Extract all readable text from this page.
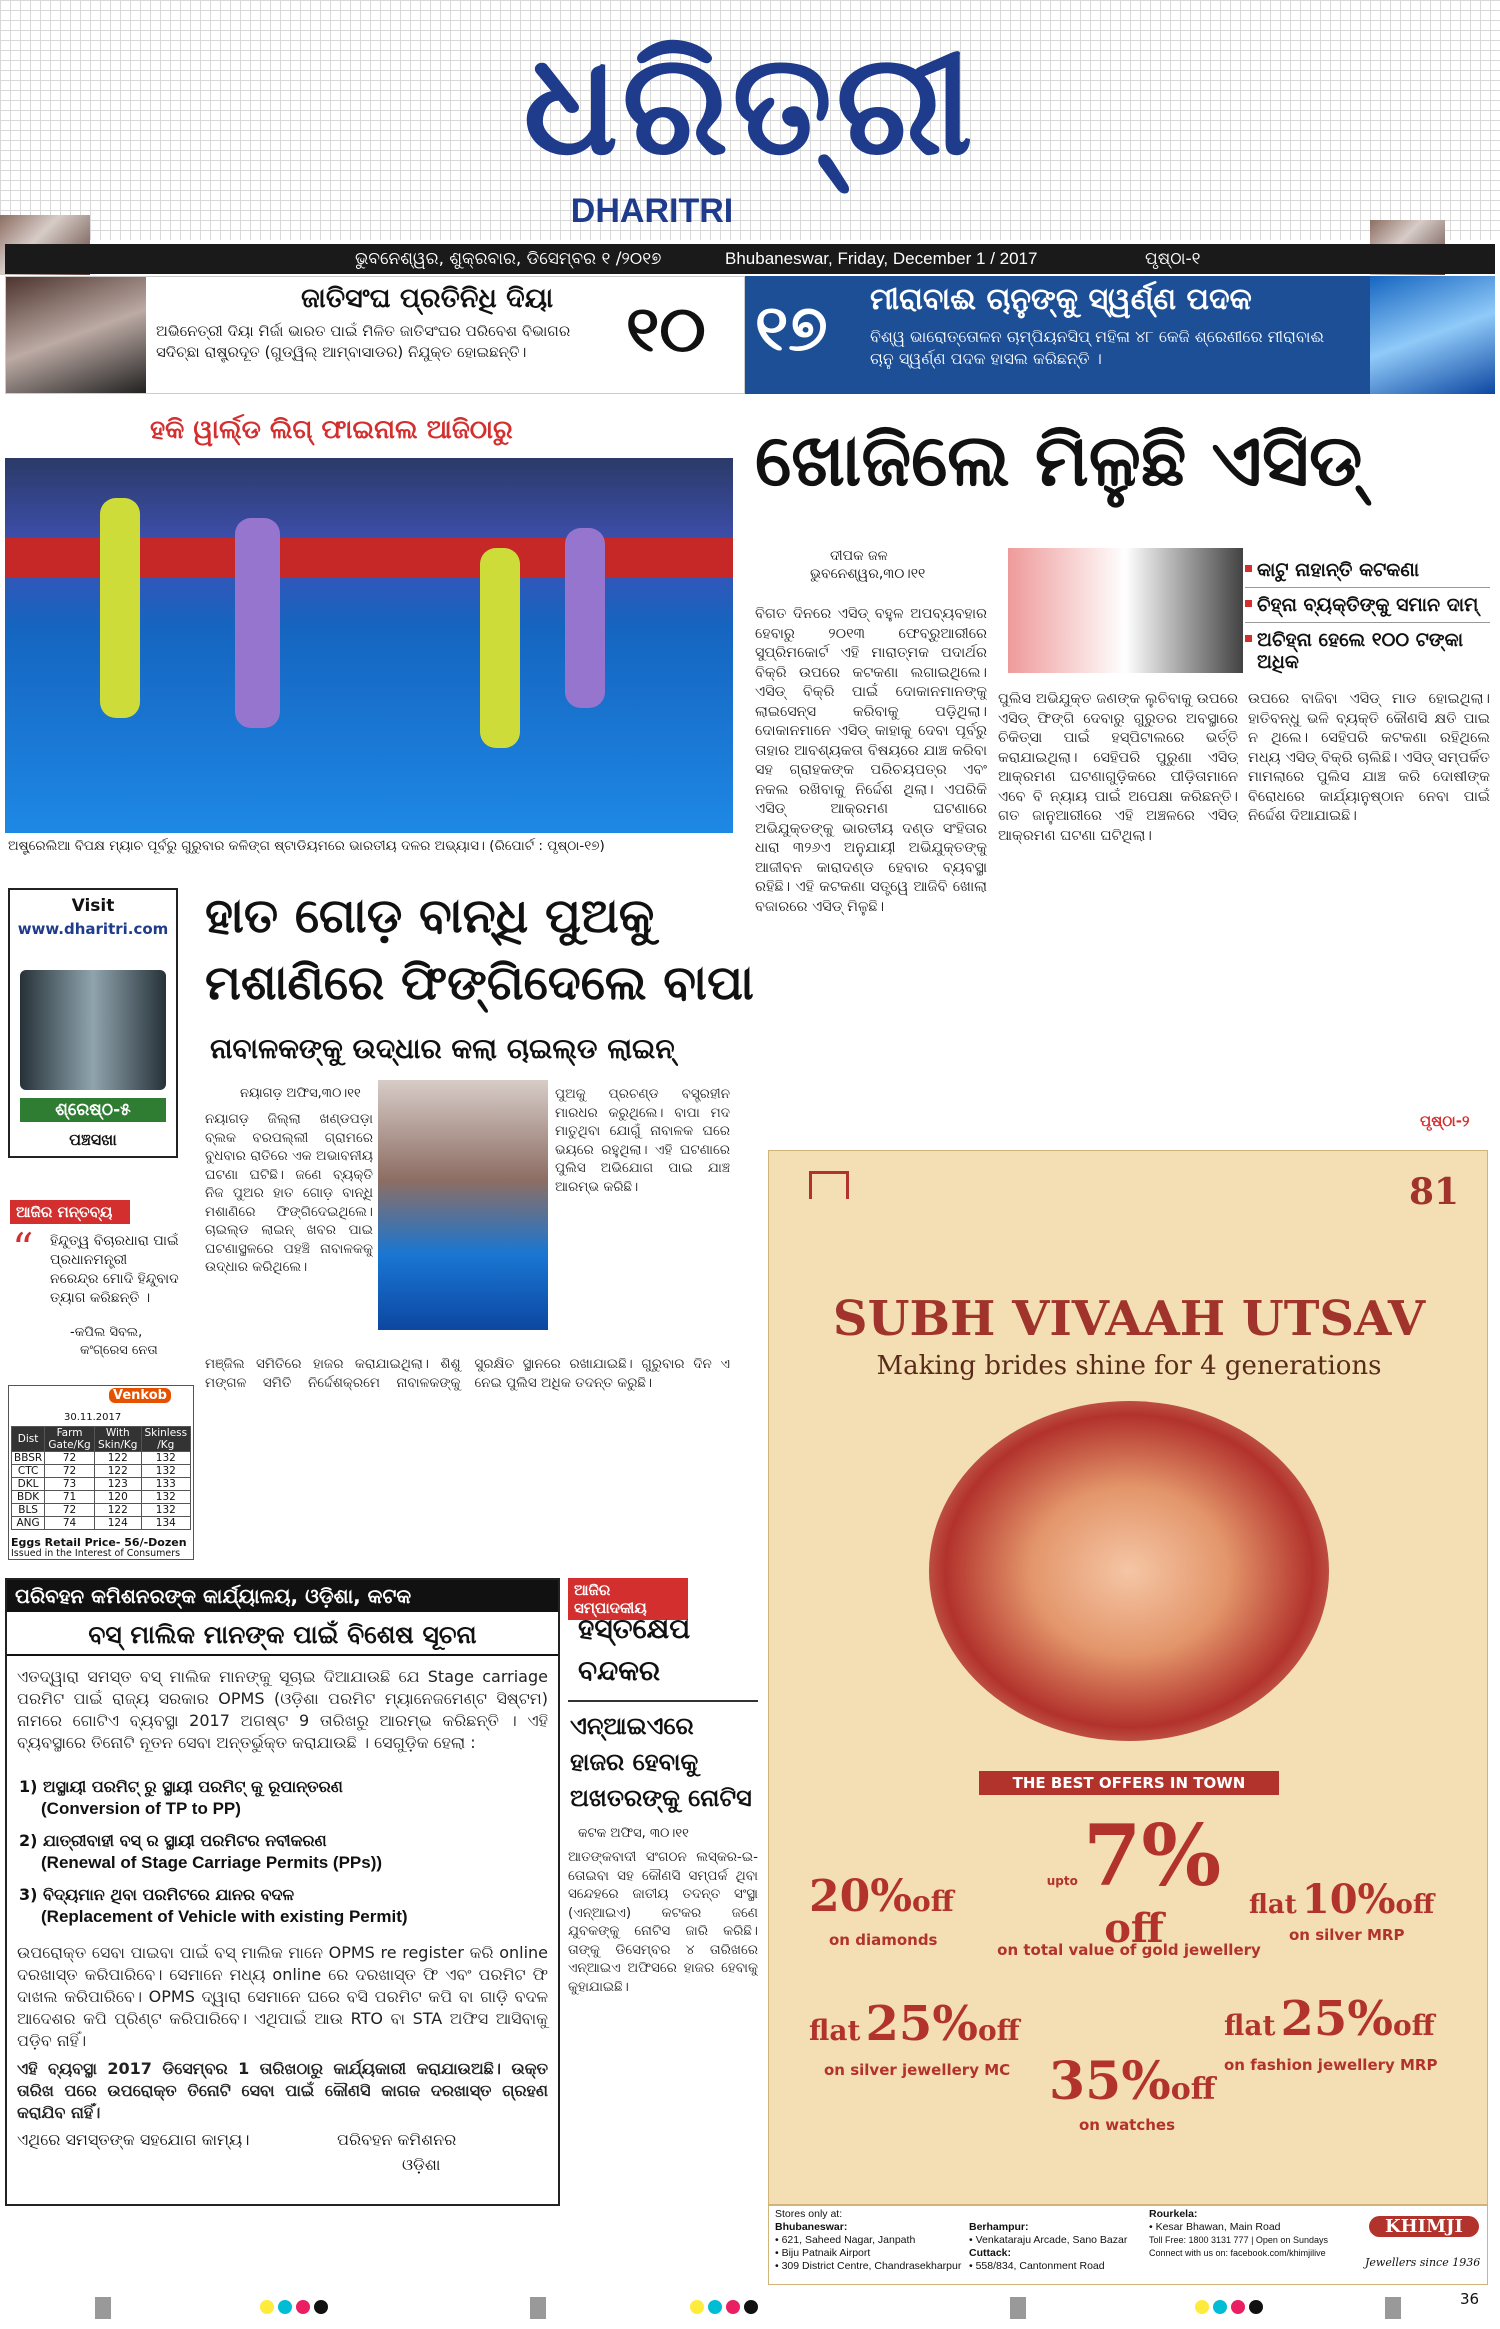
ଧରିତ୍ରୀ
DHARITRI
ଭୁବନେଶ୍ୱର, ଶୁକ୍ରବାର, ଡିସେମ୍ବର ୧ /୨୦୧୭	Bhubaneswar, Friday, December 1 / 2017	ପୃଷ୍ଠା-୧
ଜାତିସଂଘ ପ୍ରତିନିଧି ଦିୟା
ଅଭିନେତ୍ରୀ ଦିୟା ମିର୍ଜା ଭାରତ ପାଇଁ ମିଳିତ ଜାତିସଂଘର ପରିବେଶ ବିଭାଗର ସଦିଚ୍ଛା ରାଷ୍ଟ୍ରଦୂତ (ଗୁଡ୍‌ୱିଲ୍ ଆମ୍ବାସାଡର) ନିଯୁକ୍ତ ହୋଇଛନ୍ତି।	୧୦ ୧୭ ମୀରାବାଈ ଚାନୁଙ୍କୁ ସ୍ୱର୍ଣ୍ଣ ପଦକ
ବିଶ୍ୱ ଭାରୋତ୍ତୋଳନ ଚାମ୍ପିୟନସିପ୍ ମହିଳା ୪୮ କେଜି ଶ୍ରେଣୀରେ ମୀରାବାଈ ଚାନୁ ସ୍ୱର୍ଣ୍ଣ ପଦକ ହାସଲ କରିଛନ୍ତି ।
ହକି ୱାର୍ଲ୍ଡ ଲିଗ୍ ଫାଇନାଲ ଆଜିଠାରୁ
ଅଷ୍ଟ୍ରେଲିଆ ବିପକ୍ଷ ମ୍ୟାଚ ପୂର୍ବରୁ ଗୁରୁବାର କଳିଙ୍ଗ ଷ୍ଟାଡିୟମରେ ଭାରତୀୟ ଦଳର ଅଭ୍ୟାସ। (ରିପୋର୍ଟ : ପୃଷ୍ଠା-୧୭)
ଖୋଜିଲେ ମିଳୁଛି ଏସିଡ୍
ଦୀପକ ଜଳ
ଭୁବନେଶ୍ୱର,୩୦।୧୧	କାଟୁ ନାହାନ୍ତି କଟକଣା
ଚିହ୍ନା ବ୍ୟକ୍ତିଙ୍କୁ ସମାନ ଦାମ୍
ଅଚିହ୍ନା ହେଲେ ୧୦୦ ଟଙ୍କା ଅଧିକ
ବିଗତ ଦିନରେ ଏସିଡ୍ ବହୁଳ ଅପବ୍ୟବହାର ହେବାରୁ ୨୦୧୩ ଫେବ୍ରୁଆରୀରେ ସୁପ୍ରିମକୋର୍ଟ ଏହି ମାରାତ୍ମକ ପଦାର୍ଥର ବିକ୍ରି ଉପରେ କଟକଣା ଲଗାଇଥିଲେ। ଏସିଡ୍ ବିକ୍ରି ପାଇଁ ଦୋକାନମାନଙ୍କୁ ଲାଇସେନ୍ସ କରିବାକୁ ପଡ଼ିଥିଲା। ଦୋକାନମାନେ ଏସିଡ୍ କାହାକୁ ଦେବା ପୂର୍ବରୁ ତାହାର ଆବଶ୍ୟକତା ବିଷୟରେ ଯାଞ୍ଚ କରିବା ସହ ଗ୍ରାହକଙ୍କ ପରିଚୟପତ୍ର ଏବଂ ନକଲ ରଖିବାକୁ ନିର୍ଦ୍ଦେଶ ଥିଲା। ଏପରିକି ଏସିଡ୍ ଆକ୍ରମଣ ଘଟଣାରେ ଅଭିଯୁକ୍ତଙ୍କୁ ଭାରତୀୟ ଦଣ୍ଡ ସଂହିତାର ଧାରା ୩୨୬ଏ ଅନୁଯାୟୀ ଅଭିଯୁକ୍ତଙ୍କୁ ଆଜୀବନ କାରାଦଣ୍ଡ ହେବାର ବ୍ୟବସ୍ଥା ରହିଛି। ଏହି କଟକଣା ସତ୍ତ୍ୱେ ଆଜିବି ଖୋଲା ବଜାରରେ ଏସିଡ୍ ମିଳୁଛି।
ପୁଲିସ ଅଭିଯୁକ୍ତ ଜଣଙ୍କ ଲୁଚିବାକୁ ଉପରେ ଏସିଡ୍ ଫିଙ୍ଗି ଦେବାରୁ ଗୁରୁତର ଅବସ୍ଥାରେ ଚିକିତ୍ସା ପାଇଁ ହସ୍ପିଟାଲରେ ଭର୍ତ୍ତି କରାଯାଇଥିଲା। ସେହିପରି ପୁରୁଣା ଏସିଡ୍ ଆକ୍ରମଣ ଘଟଣାଗୁଡ଼ିକରେ ପୀଡ଼ିତାମାନେ ଏବେ ବି ନ୍ୟାୟ ପାଇଁ ଅପେକ୍ଷା କରିଛନ୍ତି। ଗତ ଜାନୁଆରୀରେ ଏହି ଅଞ୍ଚଳରେ ଏସିଡ୍ ଆକ୍ରମଣ ଘଟଣା ଘଟିଥିଲା।
ଉପରେ ବାଜିବା ଏସିଡ୍ ମାଡ ହୋଇଥିଲା। ହାତିବନ୍ଧୁ ଭଳି ବ୍ୟକ୍ତି କୌଣସି କ୍ଷତି ପାଇ ନ ଥିଲେ। ସେହିପରି କଟକଣା ରହିଥିଲେ ମଧ୍ୟ ଏସିଡ୍ ବିକ୍ରି ଚାଲିଛି। ଏସିଡ୍ ସମ୍ପର୍କିତ ମାମଲାରେ ପୁଲିସ ଯାଞ୍ଚ କରି ଦୋଷୀଙ୍କ ବିରୋଧରେ କାର୍ଯ୍ୟାନୁଷ୍ଠାନ ନେବା ପାଇଁ ନିର୍ଦ୍ଦେଶ ଦିଆଯାଇଛି।
ପୃଷ୍ଠା-୨
Visit
www.dharitri.com
ଶ୍ରେଷ୍ଠ-୫
ପଞ୍ଚସଖା
ହାତ ଗୋଡ଼ ବାନ୍ଧି ପୁଅକୁ
ମଶାଣିରେ ଫିଙ୍ଗିଦେଲେ ବାପା
ନାବାଳକଙ୍କୁ ଉଦ୍ଧାର କଲା ଚାଇଲ୍ଡ ଲାଇନ୍
ନୟାଗଡ଼ ଅଫିସ,୩୦।୧୧
ନୟାଗଡ଼ ଜିଲ୍ଲା ଖଣ୍ଡପଡ଼ା ବ୍ଲକ ବରପଲ୍ଲୀ ଗ୍ରାମରେ ବୁଧବାର ରାତିରେ ଏକ ଅଭାବନୀୟ ଘଟଣା ଘଟିଛି। ଜଣେ ବ୍ୟକ୍ତି ନିଜ ପୁଅର ହାତ ଗୋଡ଼ ବାନ୍ଧି ମଶାଣିରେ ଫିଙ୍ଗିଦେଇଥିଲେ। ଚାଇଲ୍ଡ ଲାଇନ୍ ଖବର ପାଇ ଘଟଣାସ୍ଥଳରେ ପହଞ୍ଚି ନାବାଳକକୁ ଉଦ୍ଧାର କରିଥିଲେ।
ପୁଅକୁ ପ୍ରଚଣ୍ଡ ବସ୍ତ୍ରହୀନ ମାରଧର କରୁଥିଲେ। ବାପା ମଦ ମାତୁଥିବା ଯୋଗୁଁ ନାବାଳକ ଘରେ ଭୟରେ ରହୁଥିଲା। ଏହି ଘଟଣାରେ ପୁଲିସ ଅଭିଯୋଗ ପାଇ ଯାଞ୍ଚ ଆରମ୍ଭ କରିଛି।
ମଞ୍ଜିଲ ସମିତିରେ ହାଜର କରାଯାଇଥିଲା। ଶିଶୁ ମଙ୍ଗଳ ସମିତି ନିର୍ଦ୍ଦେଶକ୍ରମେ ନାବାଳକଙ୍କୁ ସୁରକ୍ଷିତ ସ୍ଥାନରେ ରଖାଯାଇଛି। ଗୁରୁବାର ଦିନ ଏ ନେଇ ପୁଲିସ ଅଧିକ ତଦନ୍ତ କରୁଛି।
ଆଜିର ମନ୍ତବ୍ୟ
“ ହିନ୍ଦୁତ୍ୱ ବିଚାରଧାରା ପାଇଁ ପ୍ରଧାନମନ୍ତ୍ରୀ ନରେନ୍ଦ୍ର ମୋଦି ହିନ୍ଦୁବାଦ ତ୍ୟାଗ କରିଛନ୍ତି ।
-କପିଲ ସିବଲ,
କଂଗ୍ରେସ ନେତା
Venkob
30.11.2017
Dist	Farm Gate/Kg	With Skin/Kg	Skinless /Kg
BBSR	72	122	132
CTC	72	122	132
DKL	73	123	133
BDK	71	120	132
BLS	72	122	132
ANG	74	124	134
Eggs Retail Price- 56/-Dozen
Issued in the Interest of Consumers
ପରିବହନ କମିଶନରଙ୍କ କାର୍ଯ୍ୟାଳୟ, ଓଡ଼ିଶା, କଟକ
ବସ୍ ମାଲିକ ମାନଙ୍କ ପାଇଁ ବିଶେଷ ସୂଚନା
ଏତଦ୍ୱାରା ସମସ୍ତ ବସ୍ ମାଲିକ ମାନଙ୍କୁ ସୂଚାଇ ଦିଆଯାଉଛି ଯେ Stage carriage ପରମିଟ ପାଇଁ ରାଜ୍ୟ ସରକାର OPMS (ଓଡ଼ିଶା ପରମିଟ ମ୍ୟାନେଜମେଣ୍ଟ ସିଷ୍ଟମ) ନାମରେ ଗୋଟିଏ ବ୍ୟବସ୍ଥା 2017 ଅଗଷ୍ଟ 9 ତାରିଖରୁ ଆରମ୍ଭ କରିଛନ୍ତି । ଏହି ବ୍ୟବସ୍ଥାରେ ତିନୋଟି ନୂତନ ସେବା ଅନ୍ତର୍ଭୁକ୍ତ କରାଯାଉଛି । ସେଗୁଡ଼ିକ ହେଲା :
1) ଅସ୍ଥାୟୀ ପରମିଟ୍ ରୁ ସ୍ଥାୟୀ ପରମିଟ୍ କୁ ରୂପାନ୍ତରଣ
(Conversion of TP to PP)
2) ଯାତ୍ରୀବାହୀ ବସ୍ ର ସ୍ଥାୟୀ ପରମିଟର ନବୀକରଣ
(Renewal of Stage Carriage Permits (PPs))
3) ବିଦ୍ୟମାନ ଥିବା ପରମିଟରେ ଯାନର ବଦଳ
(Replacement of Vehicle with existing Permit)
ଉପରୋକ୍ତ ସେବା ପାଇବା ପାଇଁ ବସ୍ ମାଲିକ ମାନେ OPMS re register କରି online ଦରଖାସ୍ତ କରିପାରିବେ। ସେମାନେ ମଧ୍ୟ online ରେ ଦରଖାସ୍ତ ଫି ଏବଂ ପରମିଟ ଫି ଦାଖଲ କରିପାରିବେ। OPMS ଦ୍ୱାରା ସେମାନେ ଘରେ ବସି ପରମିଟ କପି ବା ଗାଡ଼ି ବଦଳ ଆଦେଶର କପି ପ୍ରିଣ୍ଟ କରିପାରିବେ। ଏଥିପାଇଁ ଆଉ RTO ବା STA ଅଫିସ ଆସିବାକୁ ପଡ଼ିବ ନାହିଁ।
ଏହି ବ୍ୟବସ୍ଥା 2017 ଡିସେମ୍ବର 1 ତାରିଖଠାରୁ କାର୍ଯ୍ୟକାରୀ କରାଯାଉଅଛି। ଉକ୍ତ ତାରିଖ ପରେ ଉପରୋକ୍ତ ତିନୋଟି ସେବା ପାଇଁ କୌଣସି କାଗଜ ଦରଖାସ୍ତ ଗ୍ରହଣ କରାଯିବ ନାହିଁ।
ଏଥିରେ ସମସ୍ତଙ୍କ ସହଯୋଗ କାମ୍ୟ।	ପରିବହନ କମିଶନର
ଓଡ଼ିଶା
ଆଜିର ସମ୍ପାଦକୀୟ
ହସ୍ତକ୍ଷେପ
ବନ୍ଦକର
ଏନ୍ଆଇଏରେ
ହାଜର ହେବାକୁ
ଅଖତରଙ୍କୁ ନୋଟିସ
କଟକ ଅଫିସ, ୩୦।୧୧
ଆତଙ୍କବାଦୀ ସଂଗଠନ ଲସ୍କର-ଇ-ତୋଇବା ସହ କୌଣସି ସମ୍ପର୍କ ଥିବା ସନ୍ଦେହରେ ଜାତୀୟ ତଦନ୍ତ ସଂସ୍ଥା (ଏନ୍ଆଇଏ) କଟକର ଜଣେ ଯୁବକଙ୍କୁ ନୋଟିସ ଜାରି କରିଛି। ତାଙ୍କୁ ଡିସେମ୍ବର ୪ ତାରିଖରେ ଏନ୍ଆଇଏ ଅଫିସରେ ହାଜର ହେବାକୁ କୁହାଯାଇଛି।
81
SUBH VIVAAH UTSAV
Making brides shine for 4 generations
THE BEST OFFERS IN TOWN
upto 7% off
on total value of gold jewellery
20%off
on diamonds
flat 10%off
on silver MRP
flat 25%off
on silver jewellery MC
flat 25%off
on fashion jewellery MRP
35%off
on watches
Stores only at:
Bhubaneswar:
• 621, Saheed Nagar, Janpath
• Biju Patnaik Airport
• 309 District Centre, Chandrasekharpur
Berhampur:
• Venkataraju Arcade, Sano Bazar
Cuttack:
• 558/834, Cantonment Road
Rourkela:
• Kesar Bhawan, Main Road
Toll Free: 1800 3131 777 | Open on Sundays
Connect with us on: facebook.com/khimjilive
KHIMJI
Jewellers since 1936
36
